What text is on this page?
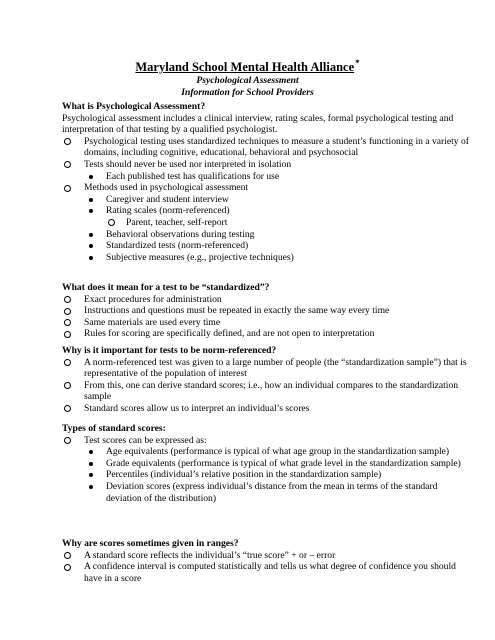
Maryland School Mental Health Alliance*
Psychological Assessment
Information for School Providers
What is Psychological Assessment?
Psychological assessment includes a clinical interview, rating scales, formal psychological testing and interpretation of that testing by a qualified psychologist.
Psychological testing uses standardized techniques to measure a student’s functioning in a variety of domains, including cognitive, educational, behavioral and psychosocial
Tests should never be used nor interpreted in isolation
Each published test has qualifications for use
Methods used in psychological assessment
Caregiver and student interview
Rating scales (norm-referenced)
Parent, teacher, self-report
Behavioral observations during testing
Standardized tests (norm-referenced)
Subjective measures (e.g., projective techniques)
What does it mean for a test to be “standardized”?
Exact procedures for administration
Instructions and questions must be repeated in exactly the same way every time
Same materials are used every time
Rules for scoring are specifically defined, and are not open to interpretation
Why is it important for tests to be norm-referenced?
A norm-referenced test was given to a large number of people (the “standardization sample”) that is representative of the population of interest
From this, one can derive standard scores; i.e., how an individual compares to the standardization sample
Standard scores allow us to interpret an individual’s scores
Types of standard scores:
Test scores can be expressed as:
Age equivalents (performance is typical of what age group in the standardization sample)
Grade equivalents (performance is typical of what grade level in the standardization sample)
Percentiles (individual’s relative position in the standardization sample)
Deviation scores (express individual’s distance from the mean in terms of the standard deviation of the distribution)
Why are scores sometimes given in ranges?
A standard score reflects the individual’s “true score” + or – error
A confidence interval is computed statistically and tells us what degree of confidence you should have in a score
